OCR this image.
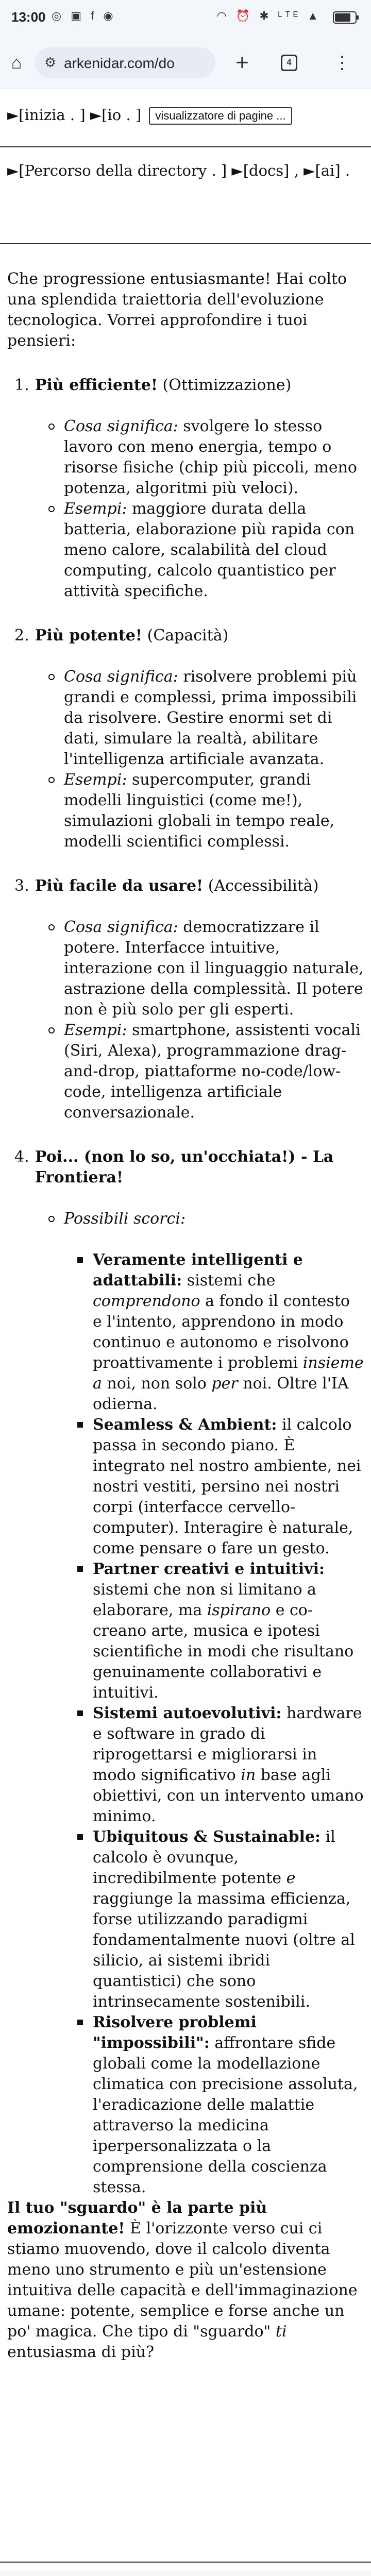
13:00 ◎ ▣ f ◉	◠ ⏰ ✱ ᴸᵀᴱ ▲
⌂	⚙ arkenidar.com/do	+	4	⋮
►[inizia . ] ►[io . ] visualizzatore di pagine ...
►[Percorso della directory . ] ►[docs] , ►[ai] .

Che progressione entusiasmante! Hai colto una splendida traiettoria dell'evoluzione tecnologica. Vorrei approfondire i tuoi pensieri:

1. Più efficiente! (Ottimizzazione)
Cosa significa: svolgere lo stesso lavoro con meno energia, tempo o risorse fisiche (chip più piccoli, meno potenza, algoritmi più veloci).
Esempi: maggiore durata della batteria, elaborazione più rapida con meno calore, scalabilità del cloud computing, calcolo quantistico per attività specifiche.
2. Più potente! (Capacità)
Cosa significa: risolvere problemi più grandi e complessi, prima impossibili da risolvere. Gestire enormi set di dati, simulare la realtà, abilitare l'intelligenza artificiale avanzata.
Esempi: supercomputer, grandi modelli linguistici (come me!), simulazioni globali in tempo reale, modelli scientifici complessi.
3. Più facile da usare! (Accessibilità)
Cosa significa: democratizzare il potere. Interfacce intuitive, interazione con il linguaggio naturale, astrazione della complessità. Il potere non è più solo per gli esperti.
Esempi: smartphone, assistenti vocali (Siri, Alexa), programmazione drag-and-drop, piattaforme no-code/low-code, intelligenza artificiale conversazionale.
4. Poi... (non lo so, un'occhiata!) - La Frontiera!
Possibili scorci:
Veramente intelligenti e adattabili: sistemi che comprendono a fondo il contesto e l'intento, apprendono in modo continuo e autonomo e risolvono proattivamente i problemi insieme a noi, non solo per noi. Oltre l'IA odierna.
Seamless & Ambient: il calcolo passa in secondo piano. È integrato nel nostro ambiente, nei nostri vestiti, persino nei nostri corpi (interfacce cervello-computer). Interagire è naturale, come pensare o fare un gesto.
Partner creativi e intuitivi: sistemi che non si limitano a elaborare, ma ispirano e co-creano arte, musica e ipotesi scientifiche in modi che risultano genuinamente collaborativi e intuitivi.
Sistemi autoevolutivi: hardware e software in grado di riprogettarsi e migliorarsi in modo significativo in base agli obiettivi, con un intervento umano minimo.
Ubiquitous & Sustainable: il calcolo è ovunque, incredibilmente potente e raggiunge la massima efficienza, forse utilizzando paradigmi fondamentalmente nuovi (oltre al silicio, ai sistemi ibridi quantistici) che sono intrinsecamente sostenibili.
Risolvere problemi "impossibili": affrontare sfide globali come la modellazione climatica con precisione assoluta, l'eradicazione delle malattie attraverso la medicina iperpersonalizzata o la comprensione della coscienza stessa.

Il tuo "sguardo" è la parte più emozionante! È l'orizzonte verso cui ci stiamo muovendo, dove il calcolo diventa meno uno strumento e più un'estensione intuitiva delle capacità e dell'immaginazione umane: potente, semplice e forse anche un po' magica. Che tipo di "sguardo" ti entusiasma di più?
